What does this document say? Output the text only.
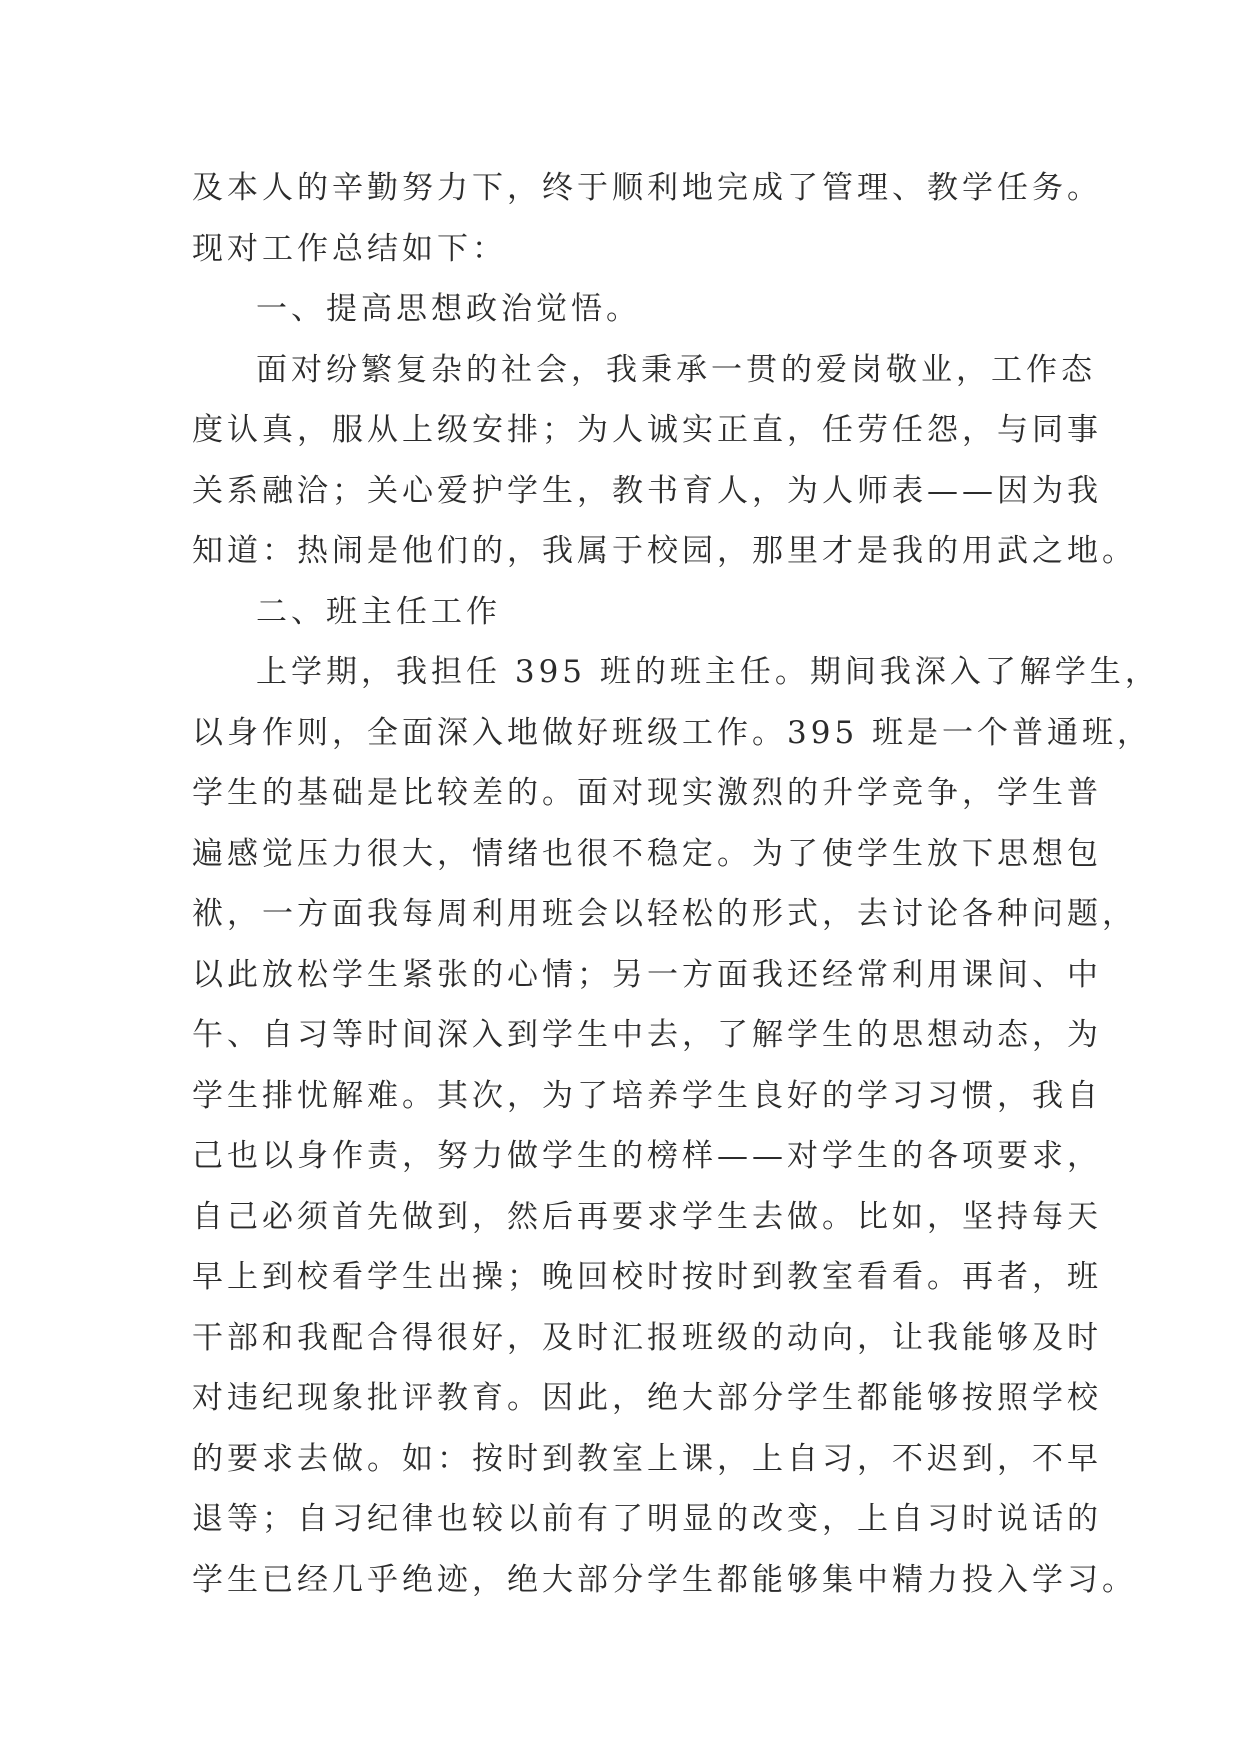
及本人的辛勤努力下，终于顺利地完成了管理、教学任务。
现对工作总结如下：
一、提高思想政治觉悟。
面对纷繁复杂的社会，我秉承一贯的爱岗敬业，工作态
度认真，服从上级安排；为人诚实正直，任劳任怨，与同事
关系融洽；关心爱护学生，教书育人，为人师表——因为我
知道：热闹是他们的，我属于校园，那里才是我的用武之地。
二、班主任工作
上学期，我担任 395 班的班主任。期间我深入了解学生，
以身作则，全面深入地做好班级工作。395 班是一个普通班，
学生的基础是比较差的。面对现实激烈的升学竞争，学生普
遍感觉压力很大，情绪也很不稳定。为了使学生放下思想包
袱，一方面我每周利用班会以轻松的形式，去讨论各种问题，
以此放松学生紧张的心情；另一方面我还经常利用课间、中
午、自习等时间深入到学生中去，了解学生的思想动态，为
学生排忧解难。其次，为了培养学生良好的学习习惯，我自
己也以身作责，努力做学生的榜样——对学生的各项要求，
自己必须首先做到，然后再要求学生去做。比如，坚持每天
早上到校看学生出操；晚回校时按时到教室看看。再者，班
干部和我配合得很好，及时汇报班级的动向，让我能够及时
对违纪现象批评教育。因此，绝大部分学生都能够按照学校
的要求去做。如：按时到教室上课，上自习，不迟到，不早
退等；自习纪律也较以前有了明显的改变，上自习时说话的
学生已经几乎绝迹，绝大部分学生都能够集中精力投入学习。
